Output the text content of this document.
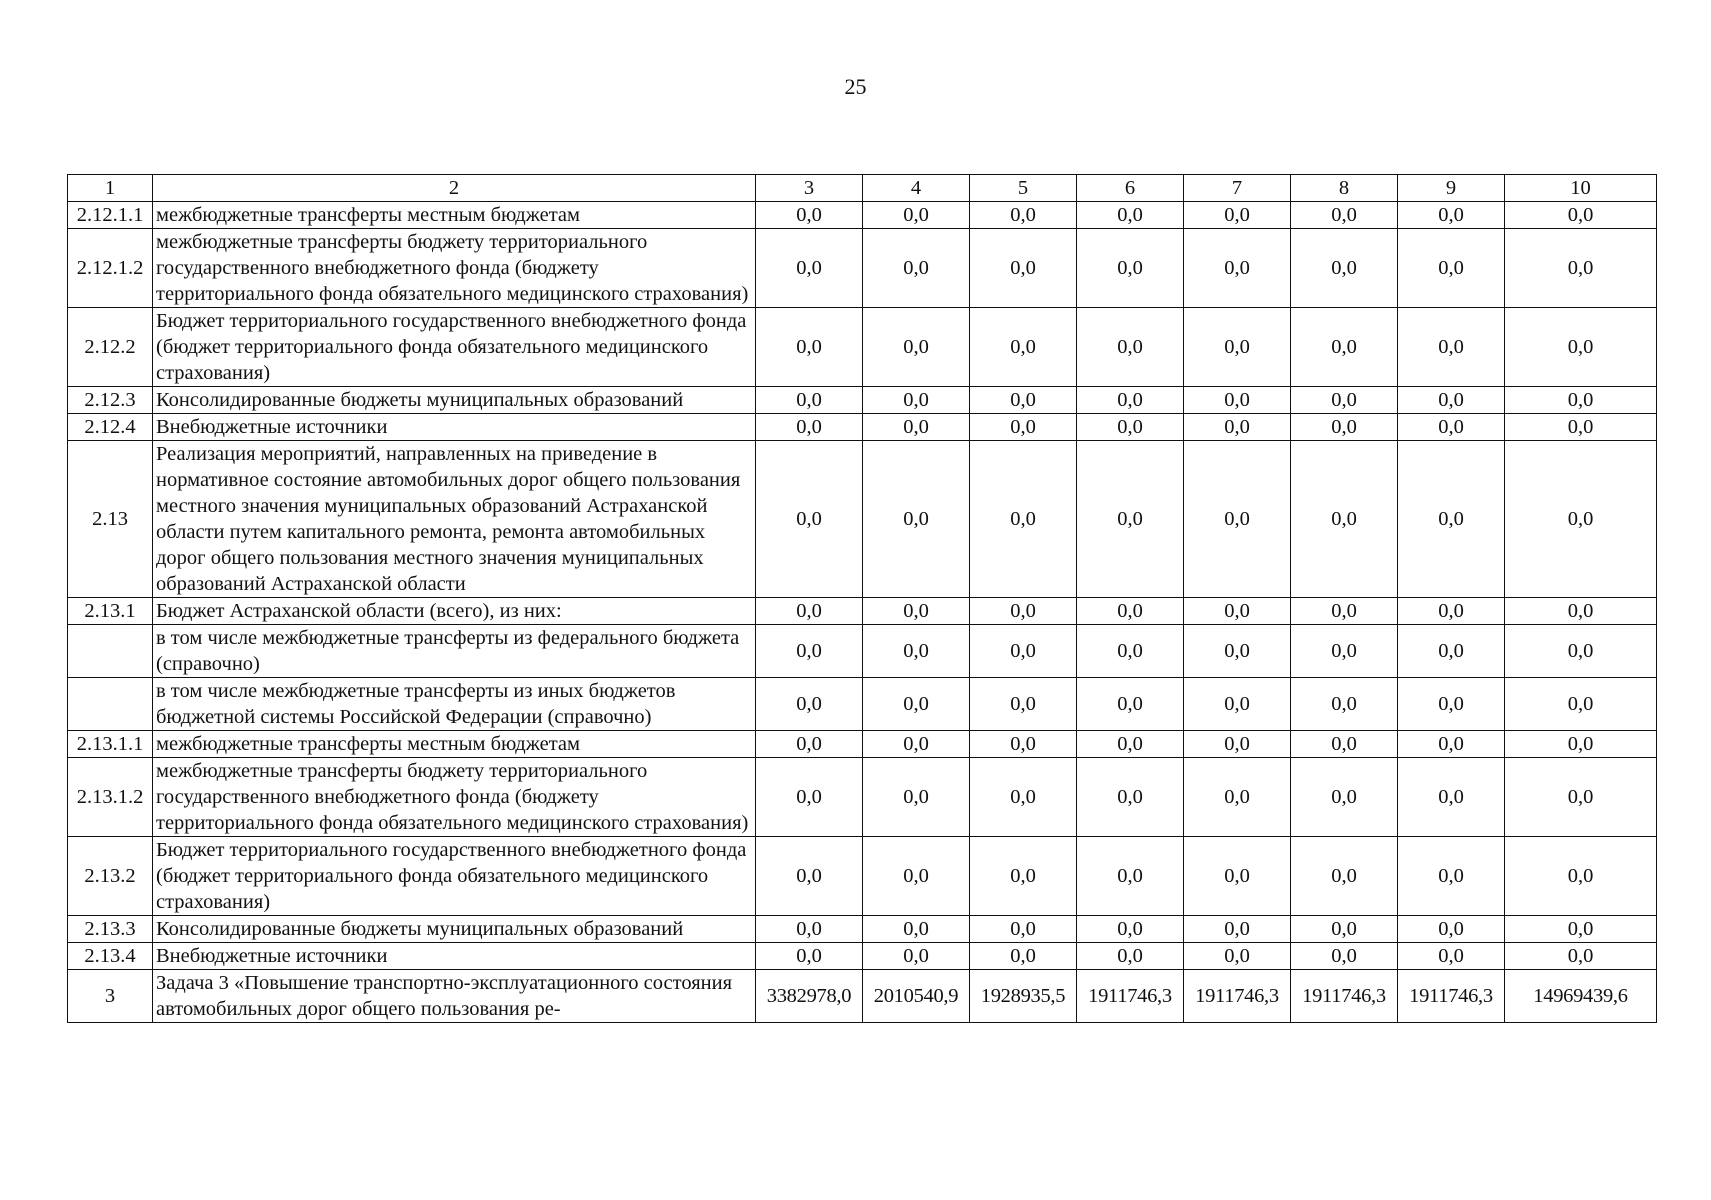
25
1	2	3	4	5	6	7	8	9	10
2.12.1.1	межбюджетные трансферты местным бюджетам	0,0	0,0	0,0	0,0	0,0	0,0	0,0	0,0
2.12.1.2	межбюджетные трансферты бюджету территориального государственного внебюджетного фонда (бюджету территориального фонда обязательного медицинского страхования)	0,0	0,0	0,0	0,0	0,0	0,0	0,0	0,0
2.12.2	Бюджет территориального государственного внебюджетного фонда (бюджет территориального фонда обязательного медицинского страхования)	0,0	0,0	0,0	0,0	0,0	0,0	0,0	0,0
2.12.3	Консолидированные бюджеты муниципальных образований	0,0	0,0	0,0	0,0	0,0	0,0	0,0	0,0
2.12.4	Внебюджетные источники	0,0	0,0	0,0	0,0	0,0	0,0	0,0	0,0
2.13	Реализация мероприятий, направленных на приведение в нормативное состояние автомобильных дорог общего пользования местного значения муниципальных образований Астраханской области путем капитального ремонта, ремонта автомобильных дорог общего пользования местного значения муниципальных образований Астраханской области	0,0	0,0	0,0	0,0	0,0	0,0	0,0	0,0
2.13.1	Бюджет Астраханской области (всего), из них:	0,0	0,0	0,0	0,0	0,0	0,0	0,0	0,0
	в том числе межбюджетные трансферты из федерального бюджета (справочно)	0,0	0,0	0,0	0,0	0,0	0,0	0,0	0,0
	в том числе межбюджетные трансферты из иных бюджетов бюджетной системы Российской Федерации (справочно)	0,0	0,0	0,0	0,0	0,0	0,0	0,0	0,0
2.13.1.1	межбюджетные трансферты местным бюджетам	0,0	0,0	0,0	0,0	0,0	0,0	0,0	0,0
2.13.1.2	межбюджетные трансферты бюджету территориального государственного внебюджетного фонда (бюджету территориального фонда обязательного медицинского страхования)	0,0	0,0	0,0	0,0	0,0	0,0	0,0	0,0
2.13.2	Бюджет территориального государственного внебюджетного фонда (бюджет территориального фонда обязательного медицинского страхования)	0,0	0,0	0,0	0,0	0,0	0,0	0,0	0,0
2.13.3	Консолидированные бюджеты муниципальных образований	0,0	0,0	0,0	0,0	0,0	0,0	0,0	0,0
2.13.4	Внебюджетные источники	0,0	0,0	0,0	0,0	0,0	0,0	0,0	0,0
3	Задача 3 «Повышение транспортно-эксплуатационного состояния автомобильных дорог общего пользования ре-	3382978,0	2010540,9	1928935,5	1911746,3	1911746,3	1911746,3	1911746,3	14969439,6
